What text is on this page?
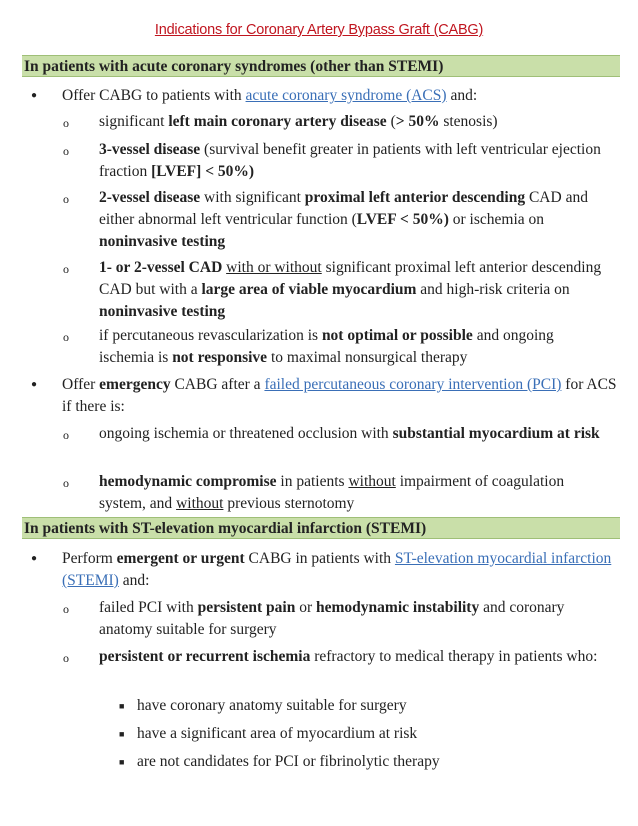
Indications for Coronary Artery Bypass Graft (CABG)
In patients with acute coronary syndromes (other than STEMI)
● Offer CABG to patients with acute coronary syndrome (ACS) and:
o significant left main coronary artery disease (> 50% stenosis)
o 3-vessel disease (survival benefit greater in patients with left ventricular ejection fraction [LVEF] < 50%)
o 2-vessel disease with significant proximal left anterior descending CAD and either abnormal left ventricular function (LVEF < 50%) or ischemia on noninvasive testing
o 1- or 2-vessel CAD with or without significant proximal left anterior descending CAD but with a large area of viable myocardium and high-risk criteria on noninvasive testing
o if percutaneous revascularization is not optimal or possible and ongoing ischemia is not responsive to maximal nonsurgical therapy
● Offer emergency CABG after a failed percutaneous coronary intervention (PCI) for ACS if there is:
o ongoing ischemia or threatened occlusion with substantial myocardium at risk
o hemodynamic compromise in patients without impairment of coagulation system, and without previous sternotomy
In patients with ST-elevation myocardial infarction (STEMI)
● Perform emergent or urgent CABG in patients with ST-elevation myocardial infarction (STEMI) and:
o failed PCI with persistent pain or hemodynamic instability and coronary anatomy suitable for surgery
o persistent or recurrent ischemia refractory to medical therapy in patients who:
■ have coronary anatomy suitable for surgery
■ have a significant area of myocardium at risk
■ are not candidates for PCI or fibrinolytic therapy
